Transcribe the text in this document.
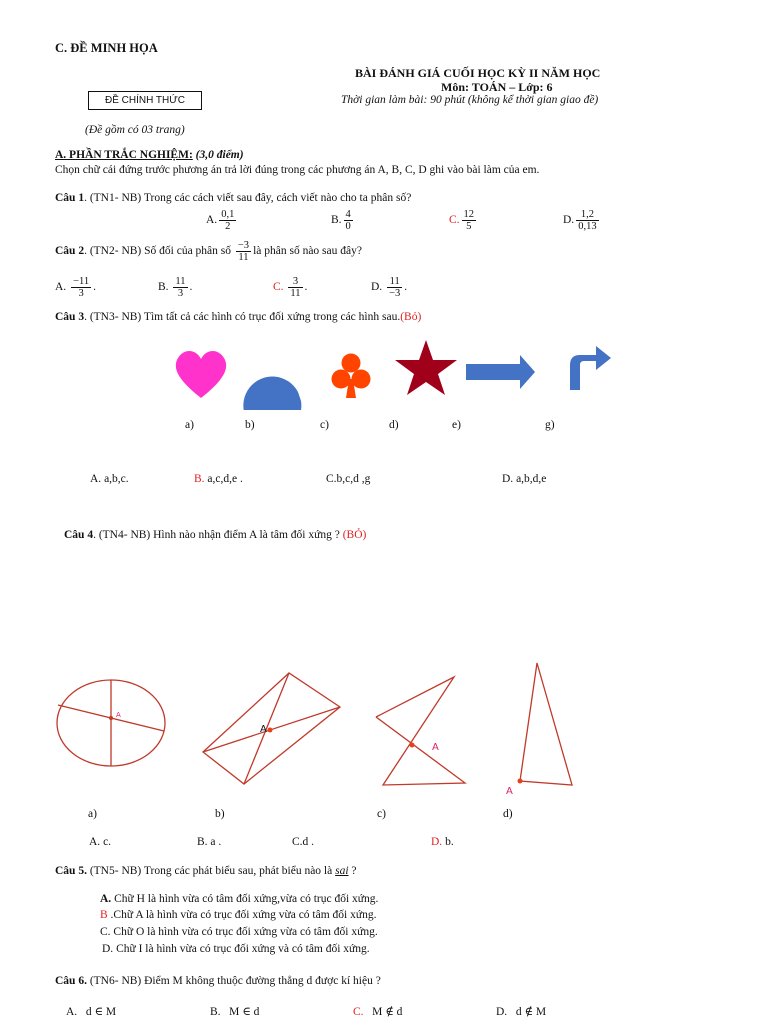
C. ĐỀ MINH HỌA
BÀI ĐÁNH GIÁ CUỐI HỌC KỲ II NĂM HỌC
Môn: TOÁN – Lớp: 6
Thời gian làm bài: 90 phút (không kể thời gian giao đề)
ĐỀ CHÍNH THỨC
(Đề gồm có 03 trang)
A. PHẦN TRẮC NGHIỆM: (3,0 điểm)
Chọn chữ cái đứng trước phương án trả lời đúng trong các phương án A, B, C, D ghi vào bài làm của em.
Câu 1. (TN1- NB) Trong các cách viết sau đây, cách viết nào cho ta phân số?
A. $\frac{0,1}{2}$	B. $\frac{4}{0}$	C. $\frac{12}{5}$	D. $\frac{1,2}{0,13}$
Câu 2. (TN2- NB) Số đối của phân số $\frac{-3}{11}$ là phân số nào sau đây?
A. $\frac{-11}{3}$ .	B. $\frac{11}{3}$ .	C. $\frac{3}{11}$ .	D. $\frac{11}{-3}$ .
Câu 3. (TN3- NB) Tìm tất cả các hình có trục đối xứng trong các hình sau.(Bỏ)
a)	b)	c)	d)	e)	g)
A. a,b,c.	B. a,c,d,e .	C.b,c,d ,g	D. a,b,d,e
Câu 4. (TN4- NB) Hình nào nhận điểm A là tâm đối xứng ? (BỎ)
A
A
A
A
a)	b)	c)	d)
A. c.	B. a .	C.d .	D. b.
Câu 5. (TN5- NB) Trong các phát biểu sau, phát biểu nào là sai ?
A. Chữ H là hình vừa có tâm đối xứng,vừa có trục đối xứng.
B .Chữ A là hình vừa có trục đối xứng vừa có tâm đối xứng.
C. Chữ O là hình vừa có trục đối xứng vừa có tâm đối xứng.
D. Chữ I là hình vừa có trục đối xứng và có tâm đối xứng.
Câu 6. (TN6- NB) Điểm M không thuộc đường thẳng d được kí hiệu ?
A. d ∈ M	B. M ∈ d	C. M ∉ d	D. d ∉ M
